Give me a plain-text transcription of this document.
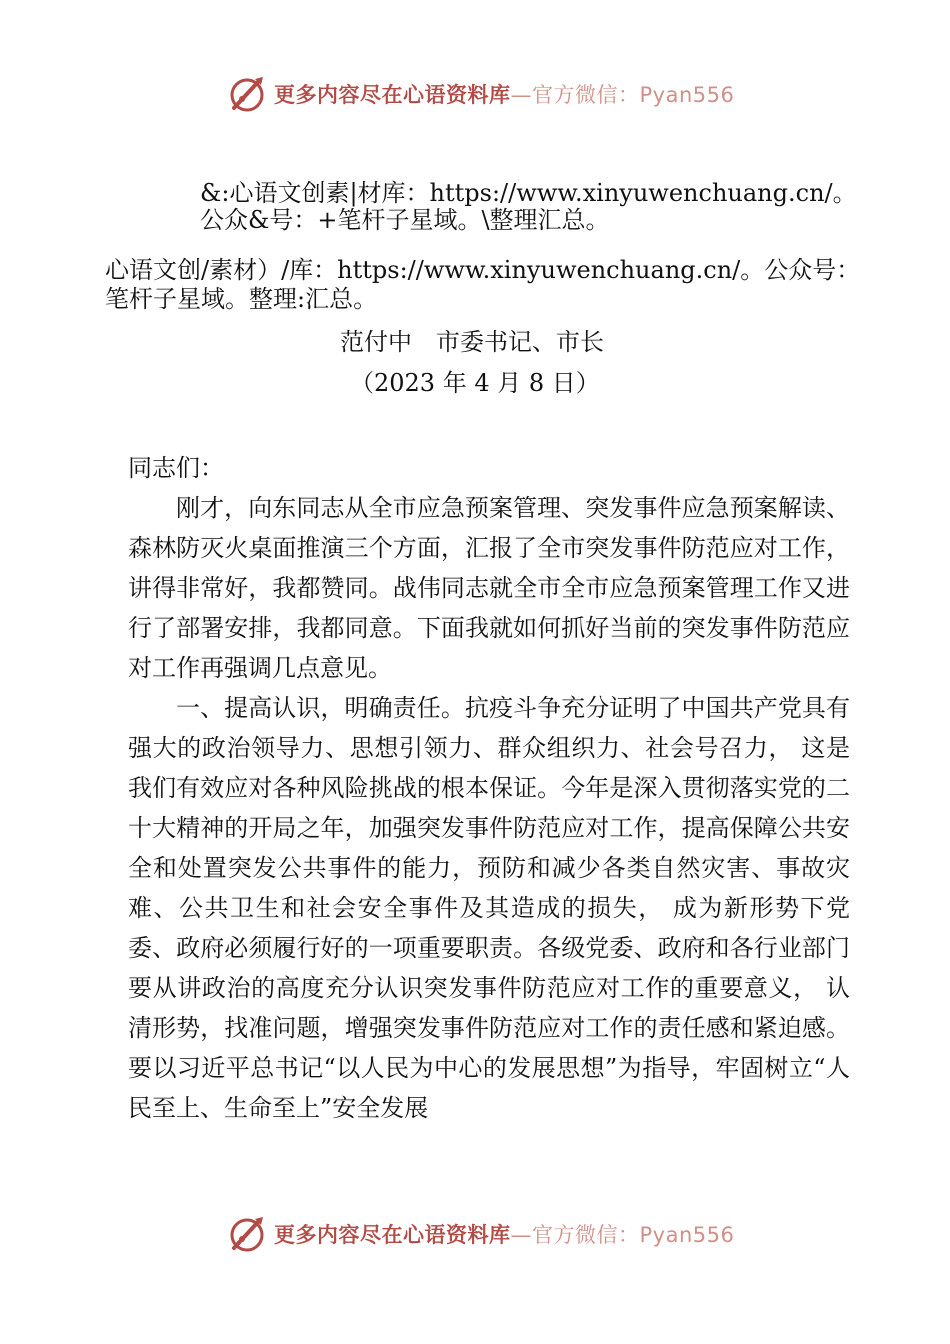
更多内容尽在心语资料库—官方微信：Pyan556
&:心语文创素|材库：https://www.xinyuwenchuang.cn/。
公众&号：+笔杆子星域。\整理汇总。
心语文创/素材）/库：https://www.xinyuwenchuang.cn/。公众号：
笔杆子星域。整理:汇总。
范付中　市委书记、市长
（2023 年 4 月 8 日）

同志们：

刚才，向东同志从全市应急预案管理、突发事件应急预案解读、森林防灭火桌面推演三个方面，汇报了全市突发事件防范应对工作，讲得非常好，我都赞同。战伟同志就全市全市应急预案管理工作又进行了部署安排，我都同意。下面我就如何抓好当前的突发事件防范应对工作再强调几点意见。

一、提高认识，明确责任。抗疫斗争充分证明了中国共产党具有强大的政治领导力、思想引领力、群众组织力、社会号召力， 这是我们有效应对各种风险挑战的根本保证。今年是深入贯彻落实党的二十大精神的开局之年，加强突发事件防范应对工作，提高保障公共安全和处置突发公共事件的能力，预防和减少各类自然灾害、事故灾难、公共卫生和社会安全事件及其造成的损失， 成为新形势下党委、政府必须履行好的一项重要职责。各级党委、政府和各行业部门要从讲政治的高度充分认识突发事件防范应对工作的重要意义， 认清形势，找准问题，增强突发事件防范应对工作的责任感和紧迫感。要以习近平总书记“以人民为中心的发展思想”为指导，牢固树立“人民至上、生命至上”安全发展

更多内容尽在心语资料库—官方微信：Pyan556
